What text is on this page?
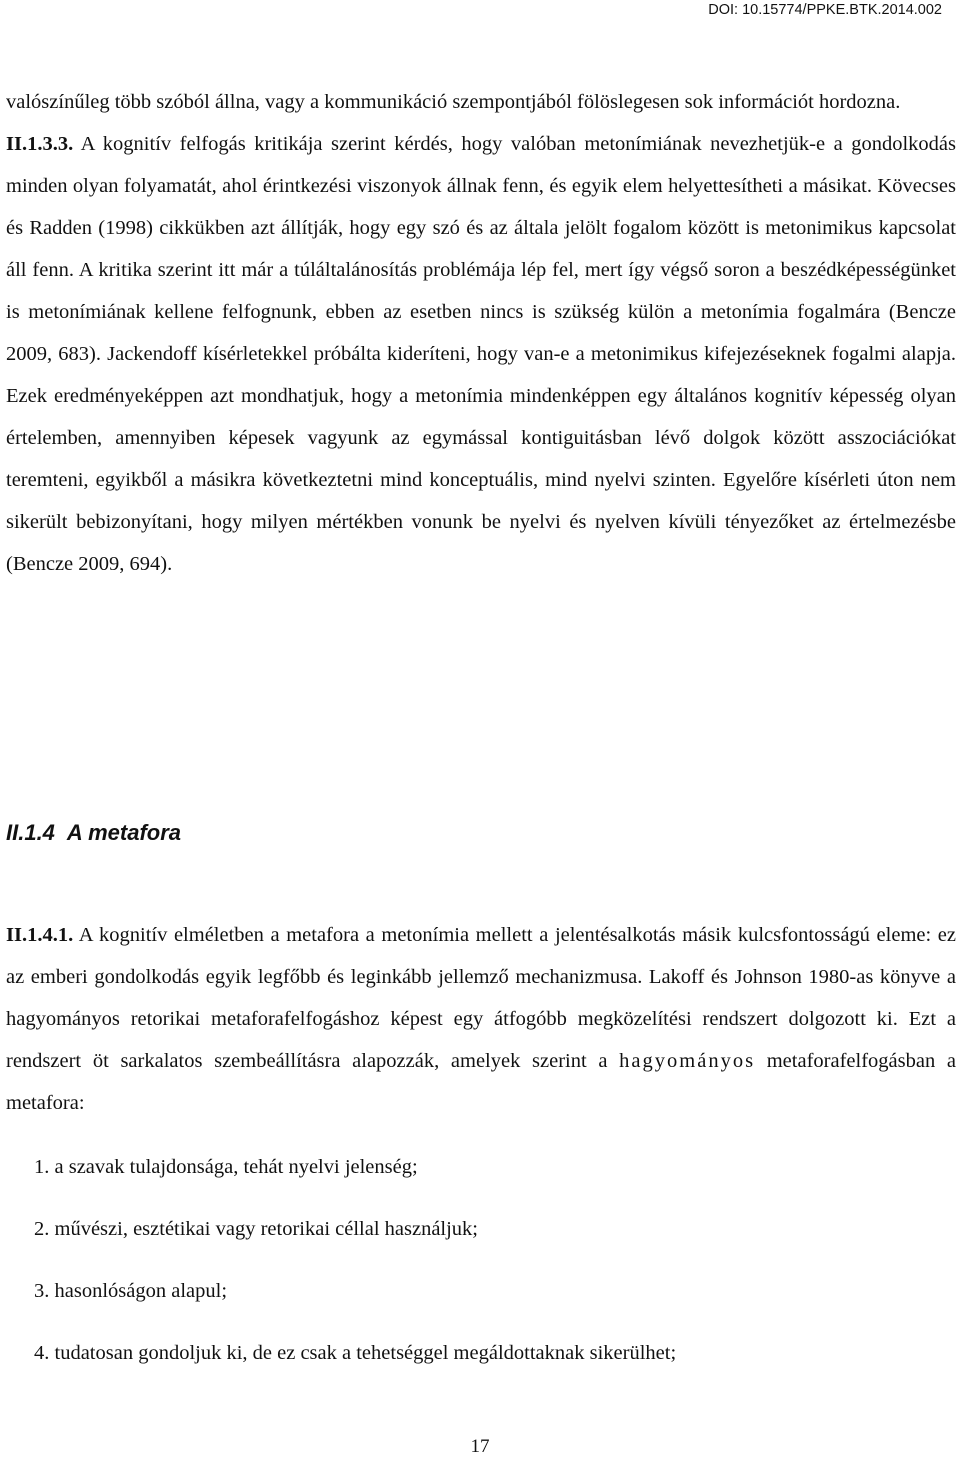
DOI: 10.15774/PPKE.BTK.2014.002

valószínűleg több szóból állna, vagy a kommunikáció szempontjából fölöslegesen sok információt hordozna.

II.1.3.3. A kognitív felfogás kritikája szerint kérdés, hogy valóban metonímiának nevezhetjük-e a gondolkodás minden olyan folyamatát, ahol érintkezési viszonyok állnak fenn, és egyik elem helyettesítheti a másikat. Kövecses és Radden (1998) cikkükben azt állítják, hogy egy szó és az általa jelölt fogalom között is metonimikus kapcsolat áll fenn. A kritika szerint itt már a túláltalánosítás problémája lép fel, mert így végső soron a beszédképességünket is metonímiának kellene felfognunk, ebben az esetben nincs is szükség külön a metonímia fogalmára (Bencze 2009, 683). Jackendoff kísérletekkel próbálta kideríteni, hogy van-e a metonimikus kifejezéseknek fogalmi alapja. Ezek eredményeképpen azt mondhatjuk, hogy a metonímia mindenképpen egy általános kognitív képesség olyan értelemben, amennyiben képesek vagyunk az egymással kontiguitásban lévő dolgok között asszociációkat teremteni, egyikből a másikra következtetni mind konceptuális, mind nyelvi szinten. Egyelőre kísérleti úton nem sikerült bebizonyítani, hogy milyen mértékben vonunk be nyelvi és nyelven kívüli tényezőket az értelmezésbe (Bencze 2009, 694).

II.1.4 A metafora

II.1.4.1. A kognitív elméletben a metafora a metonímia mellett a jelentésalkotás másik kulcsfontosságú eleme: ez az emberi gondolkodás egyik legfőbb és leginkább jellemző mechanizmusa. Lakoff és Johnson 1980-as könyve a hagyományos retorikai metaforafelfogáshoz képest egy átfogóbb megközelítési rendszert dolgozott ki. Ezt a rendszert öt sarkalatos szembeállításra alapozzák, amelyek szerint a hagyományos metaforafelfogásban a metafora:

1. a szavak tulajdonsága, tehát nyelvi jelenség;
2. művészi, esztétikai vagy retorikai céllal használjuk;
3. hasonlóságon alapul;
4. tudatosan gondoljuk ki, de ez csak a tehetséggel megáldottaknak sikerülhet;
17
